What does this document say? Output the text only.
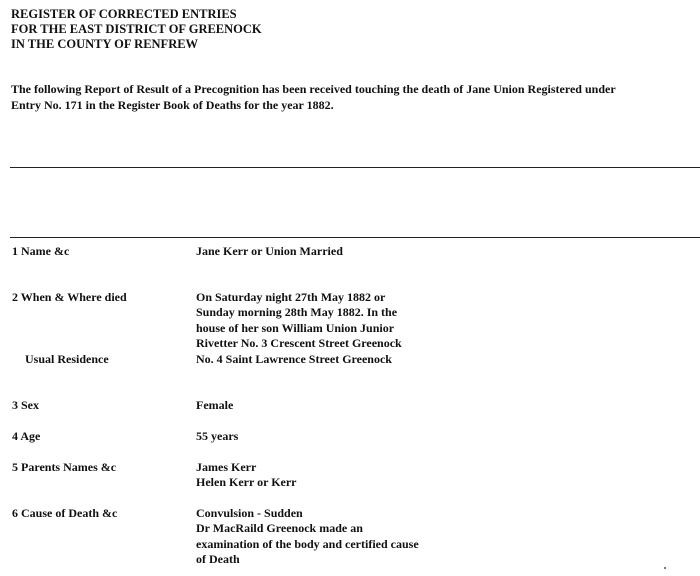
REGISTER OF CORRECTED ENTRIES
FOR THE EAST DISTRICT OF GREENOCK
IN THE COUNTY OF RENFREW
The following Report of Result of a Precognition has been received touching the death of Jane Union Registered under
Entry No. 171 in the Register Book of Deaths for the year 1882.
1 Name &c	Jane Kerr or Union Married
2 When & Where died	On Saturday night 27th May 1882 or
Sunday morning 28th May 1882. In the
house of her son William Union Junior
Rivetter No. 3 Crescent Street Greenock
Usual Residence	No. 4 Saint Lawrence Street Greenock
3 Sex	Female
4 Age	55 years
5 Parents Names &c	James Kerr
Helen Kerr or Kerr
6 Cause of Death &c	Convulsion - Sudden
Dr MacRaild Greenock made an
examination of the body and certified cause
of Death
